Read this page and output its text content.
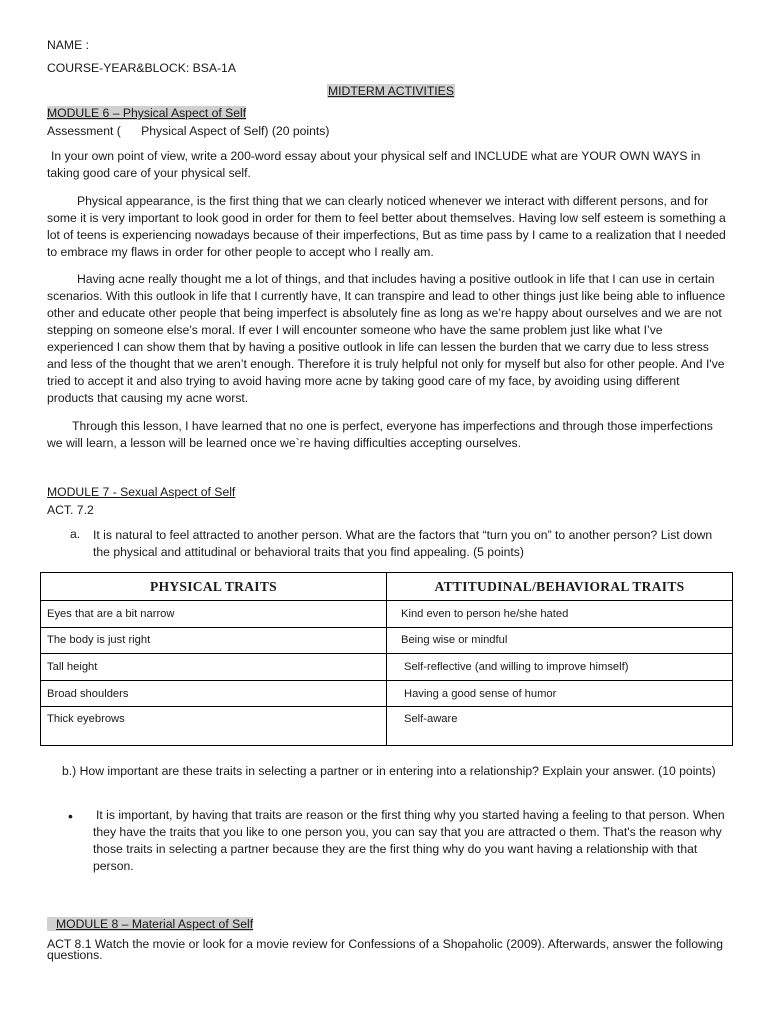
NAME :
COURSE-YEAR&BLOCK: BSA-1A
MIDTERM ACTIVITIES
MODULE 6 – Physical Aspect of Self
Assessment (      Physical Aspect of Self) (20 points)
In your own point of view, write a 200-word essay about your physical self and INCLUDE what are YOUR OWN WAYS in taking good care of your physical self.
Physical appearance, is the first thing that we can clearly noticed whenever we interact with different persons, and for some it is very important to look good in order for them to feel better about themselves. Having low self esteem is something a lot of teens is experiencing nowadays because of their imperfections, But as time pass by I came to a realization that I needed to embrace my flaws in order for other people to accept who I really am.
Having acne really thought me a lot of things, and that includes having a positive outlook in life that I can use in certain scenarios. With this outlook in life that I currently have, It can transpire and lead to other things just like being able to influence other and educate other people that being imperfect is absolutely fine as long as we’re happy about ourselves and we are not stepping on someone else’s moral. If ever I will encounter someone who have the same problem just like what I’ve experienced I can show them that by having a positive outlook in life can lessen the burden that we carry due to less stress and less of the thought that we aren’t enough. Therefore it is truly helpful not only for myself but also for other people. And I've tried to accept it and also trying to avoid having more acne by taking good care of my face, by avoiding using different products that causing my acne worst.
Through this lesson, I have learned that no one is perfect, everyone has imperfections and through those imperfections we will learn, a lesson will be learned once we`re having difficulties accepting ourselves.
MODULE 7 - Sexual Aspect of Self
ACT. 7.2
a. It is natural to feel attracted to another person. What are the factors that “turn you on” to another person? List down the physical and attitudinal or behavioral traits that you find appealing. (5 points)
PHYSICAL TRAITS	ATTITUDINAL/BEHAVIORAL TRAITS
Eyes that are a bit narrow	Kind even to person he/she hated
The body is just right	Being wise or mindful
Tall height	Self-reflective (and willing to improve himself)
Broad shoulders	Having a good sense of humor
Thick eyebrows	Self-aware
b.) How important are these traits in selecting a partner or in entering into a relationship? Explain your answer. (10 points)
• It is important, by having that traits are reason or the first thing why you started having a feeling to that person. When they have the traits that you like to one person you, you can say that you are attracted o them. That's the reason why those traits in selecting a partner because they are the first thing why do you want having a relationship with that person.
MODULE 8 – Material Aspect of Self
ACT 8.1 Watch the movie or look for a movie review for Confessions of a Shopaholic (2009). Afterwards, answer the following questions.
